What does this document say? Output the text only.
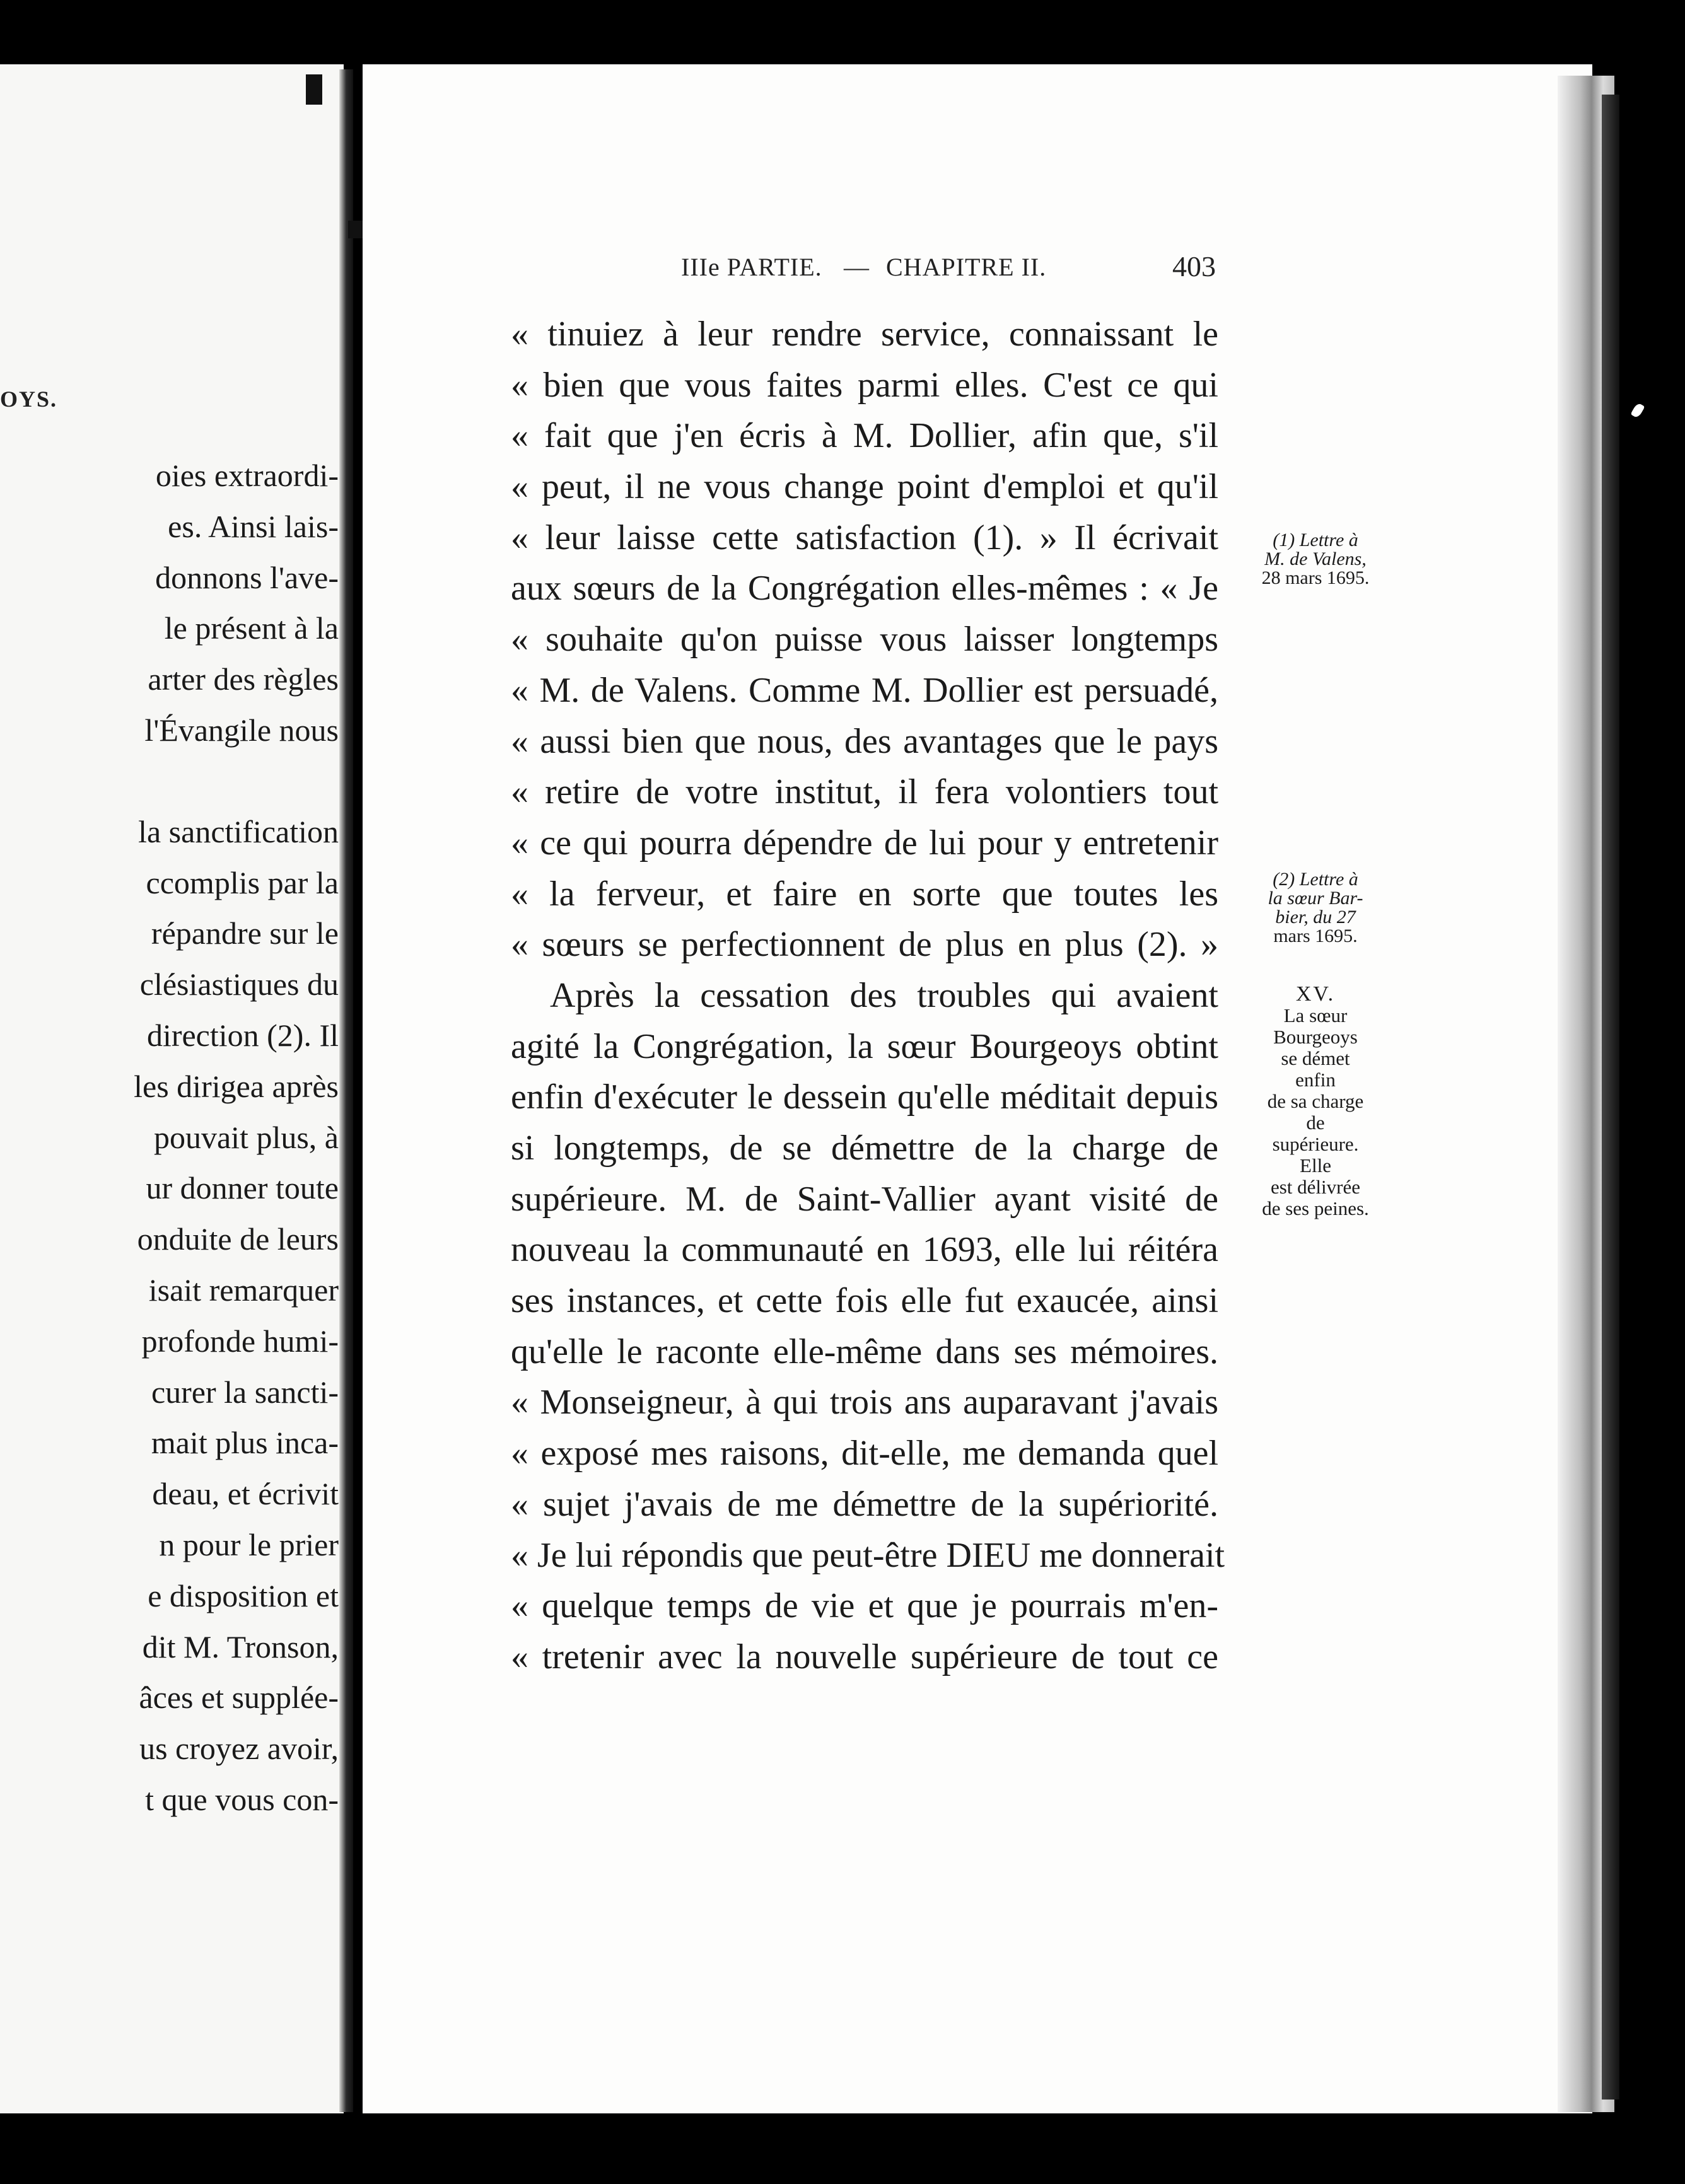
OYS.
oies extraordi-
es. Ainsi lais-
donnons l'ave-
le présent à la
arter des règles
l'Évangile nous
la sanctification
ccomplis par la
répandre sur le
clésiastiques du
direction (2). Il
les dirigea après
pouvait plus, à
ur donner toute
onduite de leurs
isait remarquer
profonde humi-
curer la sancti-
mait plus inca-
deau, et écrivit
n pour le prier
e disposition et
dit M. Tronson,
âces et supplée-
us croyez avoir,
t que vous con-
IIIe PARTIE. — CHAPITRE II.	403
« tinuiez à leur rendre service, connaissant le
« bien que vous faites parmi elles. C'est ce qui
« fait que j'en écris à M. Dollier, afin que, s'il
« peut, il ne vous change point d'emploi et qu'il
« leur laisse cette satisfaction (1). » Il écrivait
aux sœurs de la Congrégation elles-mêmes : « Je
« souhaite qu'on puisse vous laisser longtemps
« M. de Valens. Comme M. Dollier est persuadé,
« aussi bien que nous, des avantages que le pays
« retire de votre institut, il fera volontiers tout
« ce qui pourra dépendre de lui pour y entretenir
« la ferveur, et faire en sorte que toutes les
« sœurs se perfectionnent de plus en plus (2). »
Après la cessation des troubles qui avaient
agité la Congrégation, la sœur Bourgeoys obtint
enfin d'exécuter le dessein qu'elle méditait depuis
si longtemps, de se démettre de la charge de
supérieure. M. de Saint-Vallier ayant visité de
nouveau la communauté en 1693, elle lui réitéra
ses instances, et cette fois elle fut exaucée, ainsi
qu'elle le raconte elle-même dans ses mémoires.
« Monseigneur, à qui trois ans auparavant j'avais
« exposé mes raisons, dit-elle, me demanda quel
« sujet j'avais de me démettre de la supériorité.
« Je lui répondis que peut-être DIEU me donnerait
« quelque temps de vie et que je pourrais m'en-
« tretenir avec la nouvelle supérieure de tout ce
(1) Lettre à
M. de Valens,
28 mars 1695.
(2) Lettre à
la sœur Bar-
bier, du 27
mars 1695.
XV.
La sœur
Bourgeoys
se démet
enfin
de sa charge
de
supérieure.
Elle
est délivrée
de ses peines.
